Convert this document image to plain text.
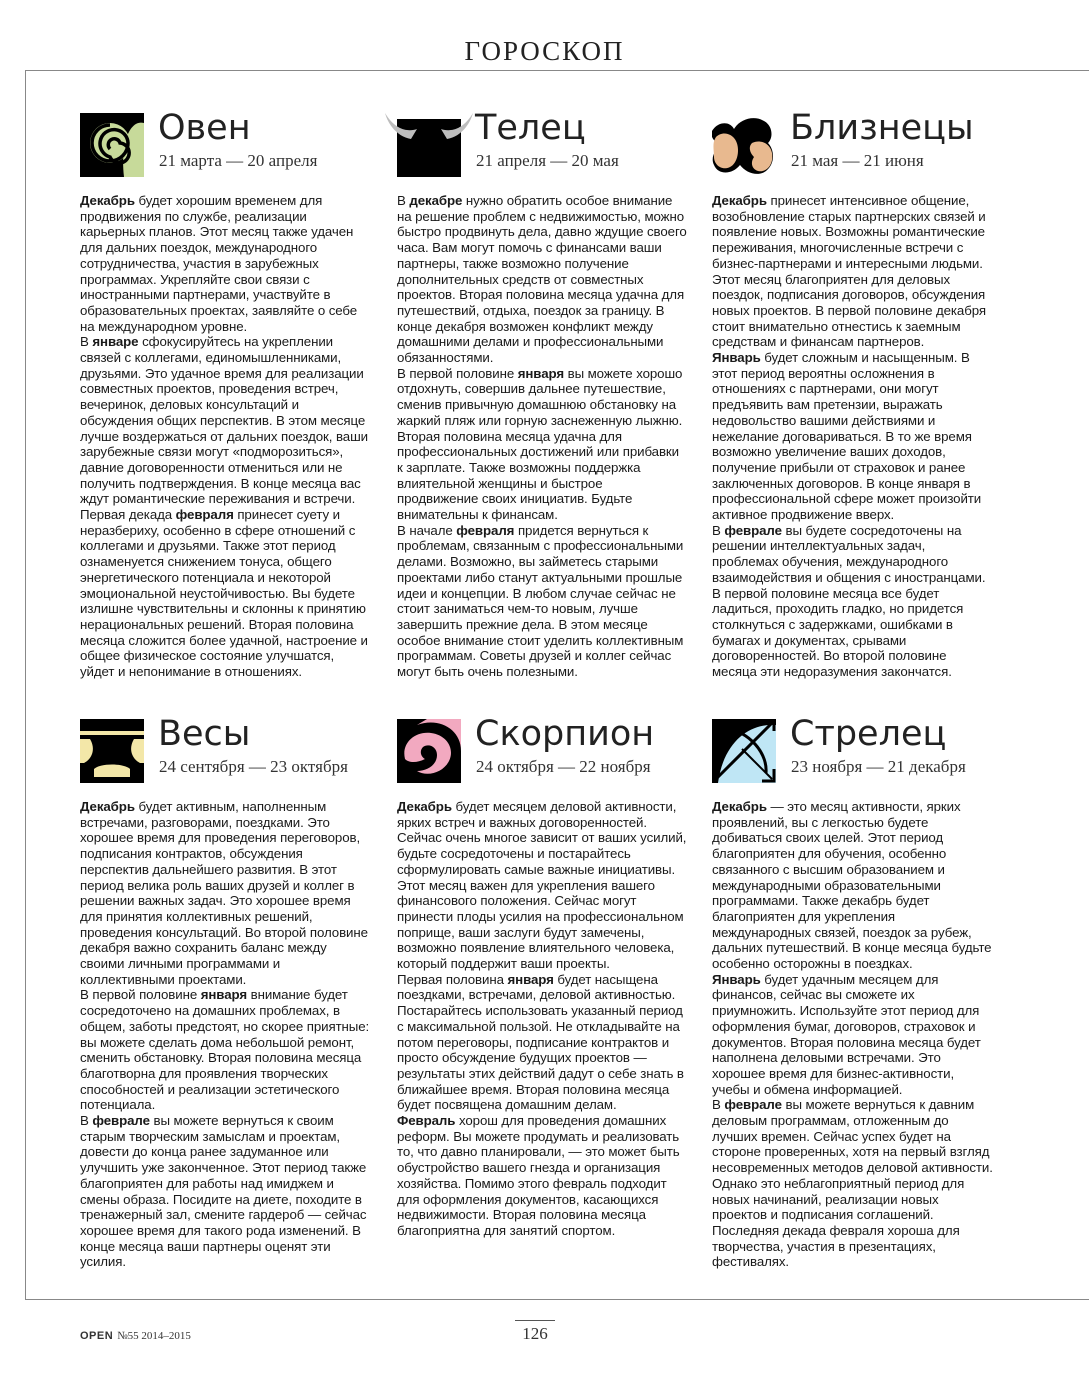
ГОРОСКОП
Овен
21 марта — 20 апреля

Декабрь будет хорошим временем для продвижения по службе, реализации карьерных планов. Этот месяц также удачен для дальних поездок, международного сотрудничества, участия в зарубежных программах. Укрепляйте свои связи с иностранными партнерами, участвуйте в образовательных проектах, заявляйте о себе на международном уровне.

В январе сфокусируйтесь на укреплении связей с коллегами, единомышленниками, друзьями. Это удачное время для реализации совместных проектов, проведения встреч, вечеринок, деловых консультаций и обсуждения общих перспектив. В этом месяце лучше воздержаться от дальних поездок, ваши зарубежные связи могут «подморозиться», давние договоренности отмениться или не получить подтверждения. В конце месяца вас ждут романтические переживания и встречи.

Первая декада февраля принесет суету и неразбериху, особенно в сфере отношений с коллегами и друзьями. Также этот период ознаменуется снижением тонуса, общего энергетического потенциала и некоторой эмоциональной неустойчивостью. Вы будете излишне чувствительны и склонны к принятию нерациональных решений. Вторая половина месяца сложится более удачной, настроение и общее физическое состояние улучшатся, уйдет и непонимание в отношениях.

Телец
21 апреля — 20 мая

В декабре нужно обратить особое внимание на решение проблем с недвижимостью, можно быстро продвинуть дела, давно ждущие своего часа. Вам могут помочь с финансами ваши партнеры, также возможно получение дополнительных средств от совместных проектов. Вторая половина месяца удачна для путешествий, отдыха, поездок за границу. В конце декабря возможен конфликт между домашними делами и профессиональными обязанностями.

В первой половине января вы можете хорошо отдохнуть, совершив дальнее путешествие, сменив привычную домашнюю обстановку на жаркий пляж или горную заснеженную лыжню. Вторая половина месяца удачна для профессиональных достижений или прибавки к зарплате. Также возможны поддержка влиятельной женщины и быстрое продвижение своих инициатив. Будьте внимательны к финансам.

В начале февраля придется вернуться к проблемам, связанным с профессиональными делами. Возможно, вы займетесь старыми проектами либо станут актуальными прошлые идеи и концепции. В любом случае сейчас не стоит заниматься чем-то новым, лучше завершить прежние дела. В этом месяце особое внимание стоит уделить коллективным программам. Советы друзей и коллег сейчас могут быть очень полезными.

Близнецы
21 мая — 21 июня

Декабрь принесет интенсивное общение, возобновление старых партнерских связей и появление новых. Возможны романтические переживания, многочисленные встречи с бизнес-партнерами и интересными людьми. Этот месяц благоприятен для деловых поездок, подписания договоров, обсуждения новых проектов. В первой половине декабря стоит внимательно отнестись к заемным средствам и финансам партнеров.

Январь будет сложным и насыщенным. В этот период вероятны осложнения в отношениях с партнерами, они могут предъявить вам претензии, выражать недовольство вашими действиями и нежелание договариваться. В то же время возможно увеличение ваших доходов, получение прибыли от страховок и ранее заключенных договоров. В конце января в профессиональной сфере может произойти активное продвижение вверх.

В феврале вы будете сосредоточены на решении интеллектуальных задач, проблемах обучения, международного взаимодействия и общения с иностранцами. В первой половине месяца все будет ладиться, проходить гладко, но придется столкнуться с задержками, ошибками в бумагах и документах, срывами договоренностей. Во второй половине месяца эти недоразумения закончатся.

Весы
24 сентября — 23 октября

Декабрь будет активным, наполненным встречами, разговорами, поездками. Это хорошее время для проведения переговоров, подписания контрактов, обсуждения перспектив дальнейшего развития. В этот период велика роль ваших друзей и коллег в решении важных задач. Это хорошее время для принятия коллективных решений, проведения консультаций. Во второй половине декабря важно сохранить баланс между своими личными программами и коллективными проектами.

В первой половине января внимание будет сосредоточено на домашних проблемах, в общем, заботы предстоят, но скорее приятные: вы можете сделать дома небольшой ремонт, сменить обстановку. Вторая половина месяца благотворна для проявления творческих способностей и реализации эстетического потенциала.

В феврале вы можете вернуться к своим старым творческим замыслам и проектам, довести до конца ранее задуманное или улучшить уже законченное. Этот период также благоприятен для работы над имиджем и смены образа. Посидите на диете, походите в тренажерный зал, смените гардероб — сейчас хорошее время для такого рода изменений. В конце месяца ваши партнеры оценят эти усилия.

Скорпион
24 октября — 22 ноября

Декабрь будет месяцем деловой активности, ярких встреч и важных договоренностей. Сейчас очень многое зависит от ваших усилий, будьте сосредоточены и постарайтесь сформулировать самые важные инициативы. Этот месяц важен для укрепления вашего финансового положения. Сейчас могут принести плоды усилия на профессиональном поприще, ваши заслуги будут замечены, возможно появление влиятельного человека, который поддержит ваши проекты.

Первая половина января будет насыщена поездками, встречами, деловой активностью. Постарайтесь использовать указанный период с максимальной пользой. Не откладывайте на потом переговоры, подписание контрактов и просто обсуждение будущих проектов — результаты этих действий дадут о себе знать в ближайшее время. Вторая половина месяца будет посвящена домашним делам.

Февраль хорош для проведения домашних реформ. Вы можете продумать и реализовать то, что давно планировали, — это может быть обустройство вашего гнезда и организация хозяйства. Помимо этого февраль подходит для оформления документов, касающихся недвижимости. Вторая половина месяца благоприятна для занятий спортом.

Стрелец
23 ноября — 21 декабря

Декабрь — это месяц активности, ярких проявлений, вы с легкостью будете добиваться своих целей. Этот период благоприятен для обучения, особенно связанного с высшим образованием и международными образовательными программами. Также декабрь будет благоприятен для укрепления международных связей, поездок за рубеж, дальних путешествий. В конце месяца будьте особенно осторожны в поездках.

Январь будет удачным месяцем для финансов, сейчас вы сможете их приумножить. Используйте этот период для оформления бумаг, договоров, страховок и документов. Вторая половина месяца будет наполнена деловыми встречами. Это хорошее время для бизнес-активности, учебы и обмена информацией.

В феврале вы можете вернуться к давним деловым программам, отложенным до лучших времен. Сейчас успех будет на стороне проверенных, хотя на первый взгляд несовременных методов деловой активности. Однако это неблагоприятный период для новых начинаний, реализации новых проектов и подписания соглашений. Последняя декада февраля хороша для творчества, участия в презентациях, фестивалях.

OPEN №55 2014–2015	126
